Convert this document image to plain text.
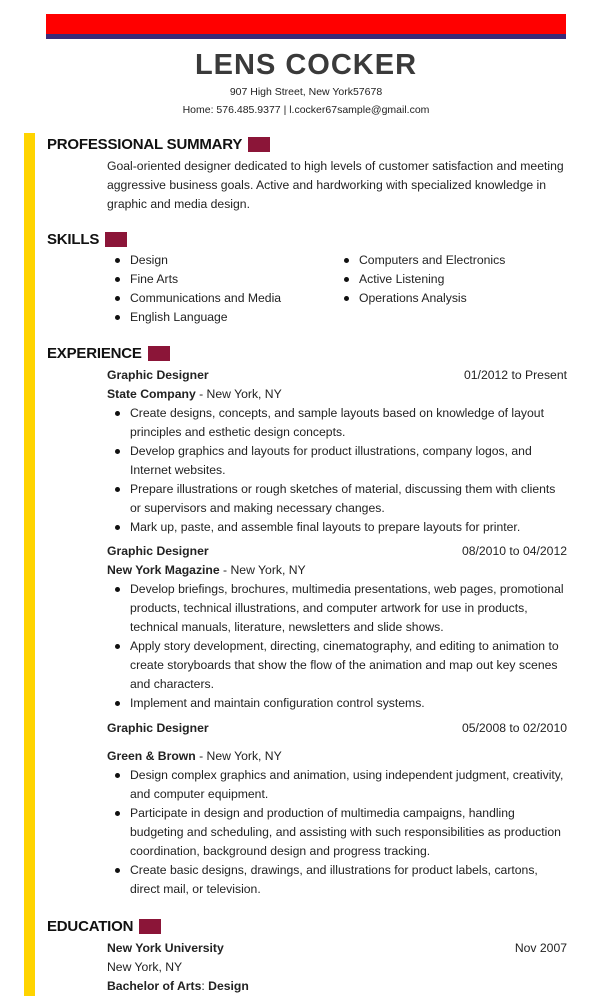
LENS COCKER
907 High Street, New York57678
Home: 576.485.9377 | l.cocker67sample@gmail.com
PROFESSIONAL SUMMARY
Goal-oriented designer dedicated to high levels of customer satisfaction and meeting aggressive business goals. Active and hardworking with specialized knowledge in graphic and media design.
SKILLS
Design
Fine Arts
Communications and Media
English Language
Computers and Electronics
Active Listening
Operations Analysis
EXPERIENCE
Graphic Designer	01/2012 to Present
State Company - New York, NY
Create designs, concepts, and sample layouts based on knowledge of layout principles and esthetic design concepts.
Develop graphics and layouts for product illustrations, company logos, and Internet websites.
Prepare illustrations or rough sketches of material, discussing them with clients or supervisors and making necessary changes.
Mark up, paste, and assemble final layouts to prepare layouts for printer.
Graphic Designer	08/2010 to 04/2012
New York Magazine - New York, NY
Develop briefings, brochures, multimedia presentations, web pages, promotional products, technical illustrations, and computer artwork for use in products, technical manuals, literature, newsletters and slide shows.
Apply story development, directing, cinematography, and editing to animation to create storyboards that show the flow of the animation and map out key scenes and characters.
Implement and maintain configuration control systems.
Graphic Designer	05/2008 to 02/2010
Green & Brown - New York, NY
Design complex graphics and animation, using independent judgment, creativity, and computer equipment.
Participate in design and production of multimedia campaigns, handling budgeting and scheduling, and assisting with such responsibilities as production coordination, background design and progress tracking.
Create basic designs, drawings, and illustrations for product labels, cartons, direct mail, or television.
EDUCATION
New York University	Nov 2007
New York, NY
Bachelor of Arts: Design
